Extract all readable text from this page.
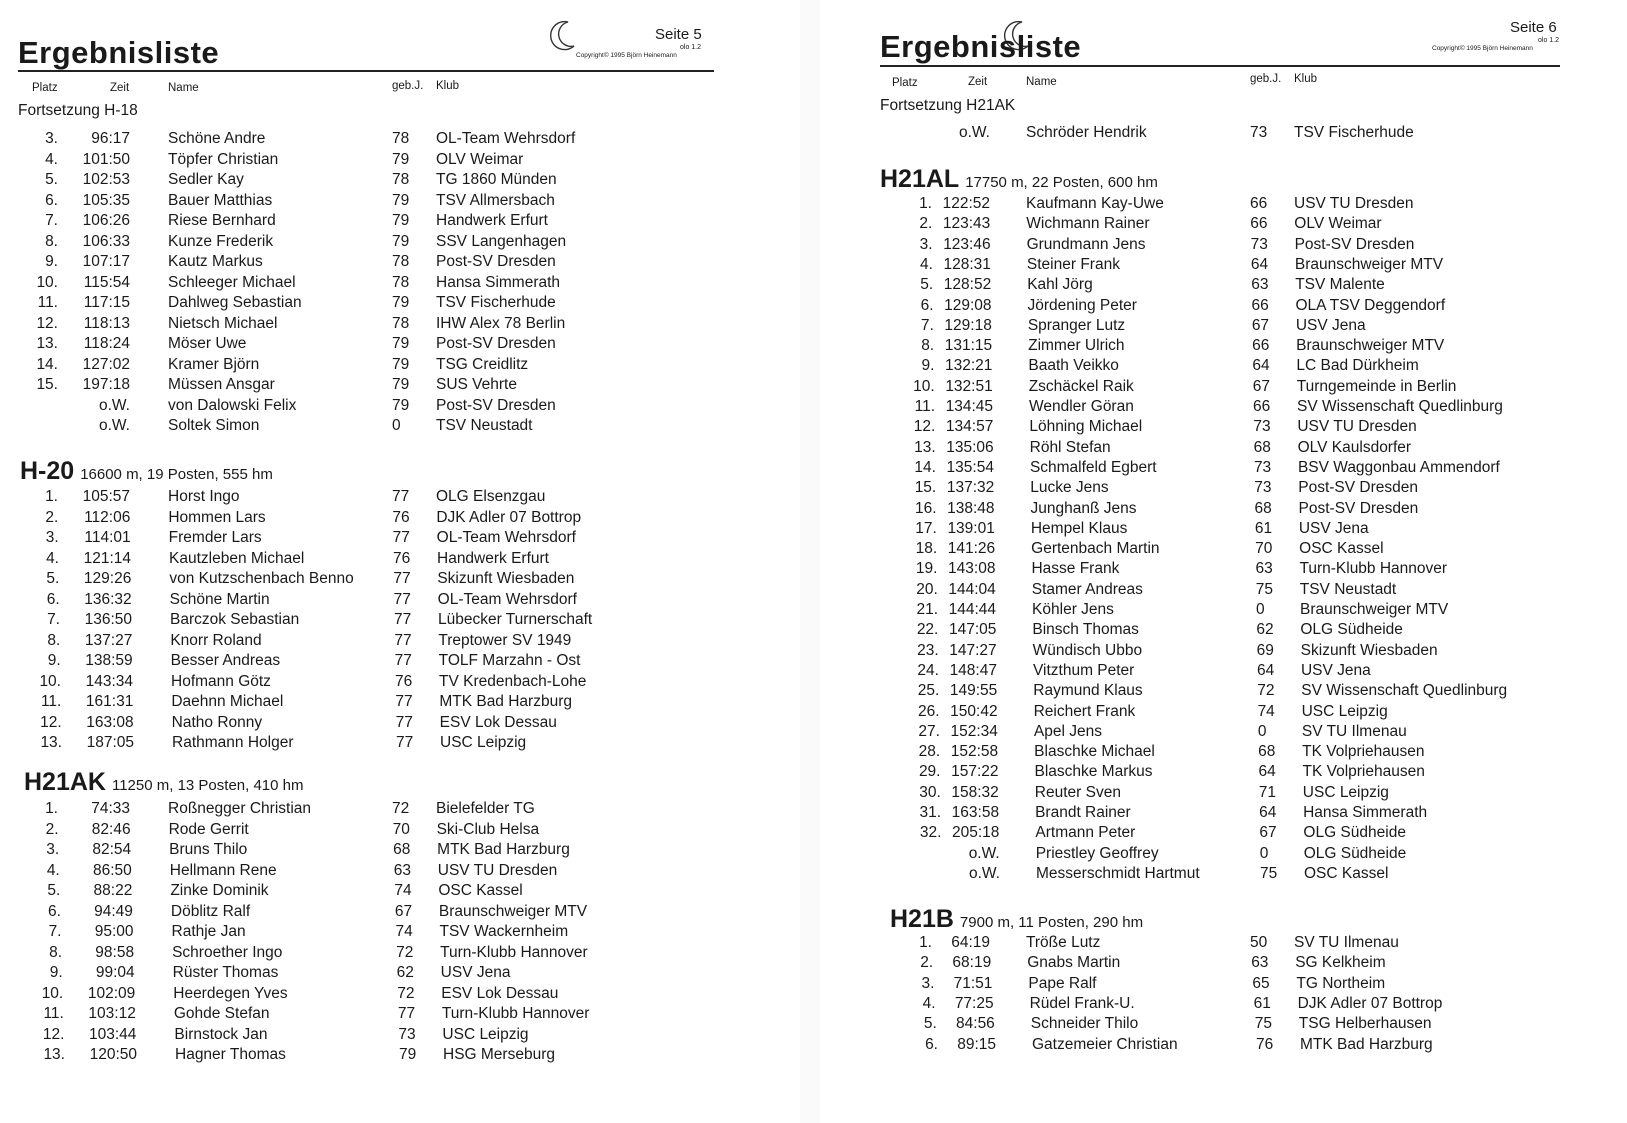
Seite 5
olo 1.2
Copyright© 1995 Björn Heinemann
Ergebnisliste
Platz	Zeit	Name	geb.J. Klub
Fortsetzung H-18
3. 96:17 Schöne Andre	78 OL-Team Wehrsdorf
4. 101:50 Töpfer Christian	79 OLV Weimar
5. 102:53 Sedler Kay	78 TG 1860 Münden
6. 105:35 Bauer Matthias	79 TSV Allmersbach
7. 106:26 Riese Bernhard	79 Handwerk Erfurt
8. 106:33 Kunze Frederik	79 SSV Langenhagen
9. 107:17 Kautz Markus	78 Post-SV Dresden
10. 115:54 Schleeger Michael	78 Hansa Simmerath
11. 117:15 Dahlweg Sebastian	79 TSV Fischerhude
12. 118:13 Nietsch Michael	78 IHW Alex 78 Berlin
13. 118:24 Möser Uwe	79 Post-SV Dresden
14. 127:02 Kramer Björn	79 TSG Creidlitz
15. 197:18 Müssen Ansgar	79 SUS Vehrte
o.W. von Dalowski Felix	79 Post-SV Dresden
o.W. Soltek Simon	0 TSV Neustadt
H-20 16600 m, 19 Posten, 555 hm
1. 105:57 Horst Ingo	77 OLG Elsenzgau
2. 112:06 Hommen Lars	76 DJK Adler 07 Bottrop
3. 114:01 Fremder Lars	77 OL-Team Wehrsdorf
4. 121:14 Kautzleben Michael	76 Handwerk Erfurt
5. 129:26 von Kutzschenbach Benno	77 Skizunft Wiesbaden
6. 136:32 Schöne Martin	77 OL-Team Wehrsdorf
7. 136:50 Barczok Sebastian	77 Lübecker Turnerschaft
8. 137:27 Knorr Roland	77 Treptower SV 1949
9. 138:59 Besser Andreas	77 TOLF Marzahn - Ost
10. 143:34 Hofmann Götz	76 TV Kredenbach-Lohe
11. 161:31 Daehnn Michael	77 MTK Bad Harzburg
12. 163:08 Natho Ronny	77 ESV Lok Dessau
13. 187:05 Rathmann Holger	77 USC Leipzig
H21AK 11250 m, 13 Posten, 410 hm
1. 74:33 Roßnegger Christian	72 Bielefelder TG
2. 82:46 Rode Gerrit	70 Ski-Club Helsa
3. 82:54 Bruns Thilo	68 MTK Bad Harzburg
4. 86:50 Hellmann Rene	63 USV TU Dresden
5. 88:22 Zinke Dominik	74 OSC Kassel
6. 94:49 Döblitz Ralf	67 Braunschweiger MTV
7. 95:00 Rathje Jan	74 TSV Wackernheim
8. 98:58 Schroether Ingo	72 Turn-Klubb Hannover
9. 99:04 Rüster Thomas	62 USV Jena
10. 102:09 Heerdegen Yves	72 ESV Lok Dessau
11. 103:12 Gohde Stefan	77 Turn-Klubb Hannover
12. 103:44 Birnstock Jan	73 USC Leipzig
13. 120:50 Hagner Thomas	79 HSG Merseburg
Seite 6
olo 1.2
Copyright© 1995 Björn Heinemann
Ergebnisliste
Platz	Zeit	Name	geb.J. Klub
Fortsetzung H21AK
o.W. Schröder Hendrik	73 TSV Fischerhude
H21AL 17750 m, 22 Posten, 600 hm
1. 122:52 Kaufmann Kay-Uwe	66 USV TU Dresden
2. 123:43 Wichmann Rainer	66 OLV Weimar
3. 123:46 Grundmann Jens	73 Post-SV Dresden
4. 128:31 Steiner Frank	64 Braunschweiger MTV
5. 128:52 Kahl Jörg	63 TSV Malente
6. 129:08 Jördening Peter	66 OLA TSV Deggendorf
7. 129:18 Spranger Lutz	67 USV Jena
8. 131:15 Zimmer Ulrich	66 Braunschweiger MTV
9. 132:21 Baath Veikko	64 LC Bad Dürkheim
10. 132:51 Zschäckel Raik	67 Turngemeinde in Berlin
11. 134:45 Wendler Göran	66 SV Wissenschaft Quedlinburg
12. 134:57 Löhning Michael	73 USV TU Dresden
13. 135:06 Röhl Stefan	68 OLV Kaulsdorfer
14. 135:54 Schmalfeld Egbert	73 BSV Waggonbau Ammendorf
15. 137:32 Lucke Jens	73 Post-SV Dresden
16. 138:48 Junghanß Jens	68 Post-SV Dresden
17. 139:01 Hempel Klaus	61 USV Jena
18. 141:26 Gertenbach Martin	70 OSC Kassel
19. 143:08 Hasse Frank	63 Turn-Klubb Hannover
20. 144:04 Stamer Andreas	75 TSV Neustadt
21. 144:44 Köhler Jens	0 Braunschweiger MTV
22. 147:05 Binsch Thomas	62 OLG Südheide
23. 147:27 Wündisch Ubbo	69 Skizunft Wiesbaden
24. 148:47 Vitzthum Peter	64 USV Jena
25. 149:55 Raymund Klaus	72 SV Wissenschaft Quedlinburg
26. 150:42 Reichert Frank	74 USC Leipzig
27. 152:34 Apel Jens	0 SV TU Ilmenau
28. 152:58 Blaschke Michael	68 TK Volpriehausen
29. 157:22 Blaschke Markus	64 TK Volpriehausen
30. 158:32 Reuter Sven	71 USC Leipzig
31. 163:58 Brandt Rainer	64 Hansa Simmerath
32. 205:18 Artmann Peter	67 OLG Südheide
o.W. Priestley Geoffrey	0 OLG Südheide
o.W. Messerschmidt Hartmut	75 OSC Kassel
H21B 7900 m, 11 Posten, 290 hm
1. 64:19 Tröße Lutz	50 SV TU Ilmenau
2. 68:19 Gnabs Martin	63 SG Kelkheim
3. 71:51 Pape Ralf	65 TG Northeim
4. 77:25 Rüdel Frank-U.	61 DJK Adler 07 Bottrop
5. 84:56 Schneider Thilo	75 TSG Helberhausen
6. 89:15 Gatzemeier Christian	76 MTK Bad Harzburg
